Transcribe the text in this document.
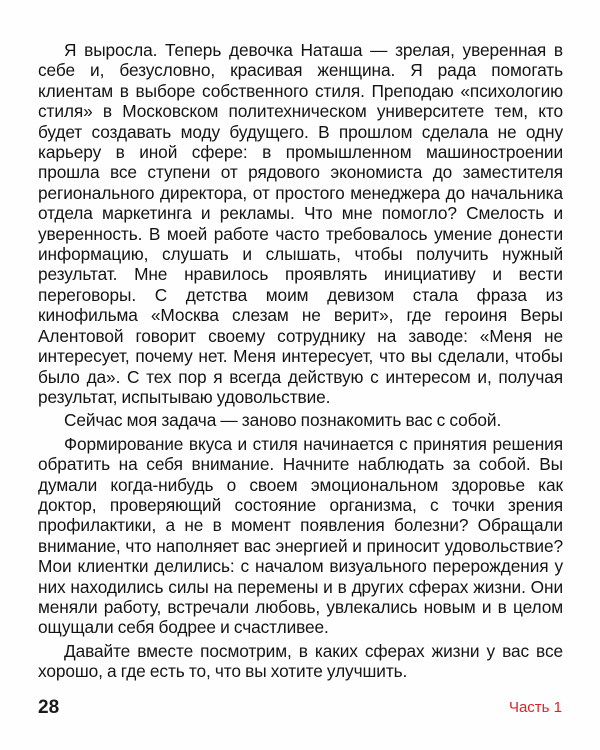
Я выросла. Теперь девочка Наташа — зрелая, уверенная в себе и, безусловно, красивая женщина. Я рада помогать клиентам в выборе собственного стиля. Преподаю «психологию стиля» в Московском политехническом университете тем, кто будет создавать моду будущего. В прошлом сделала не одну карьеру в иной сфере: в промышленном машиностроении прошла все ступени от рядового экономиста до заместителя регионального директора, от простого менеджера до начальника отдела маркетинга и рекламы. Что мне помогло? Смелость и уверенность. В моей работе часто требовалось умение донести информацию, слушать и слышать, чтобы получить нужный результат. Мне нравилось проявлять инициативу и вести переговоры. С детства моим девизом стала фраза из кинофильма «Москва слезам не верит», где героиня Веры Алентовой говорит своему сотруднику на заводе: «Меня не интересует, почему нет. Меня интересует, что вы сделали, чтобы было да». С тех пор я всегда действую с интересом и, получая результат, испытываю удовольствие.

Сейчас моя задача — заново познакомить вас с собой.

Формирование вкуса и стиля начинается с принятия решения обратить на себя внимание. Начните наблюдать за собой. Вы думали когда-нибудь о своем эмоциональном здоровье как доктор, проверяющий состояние организма, с точки зрения профилактики, а не в момент появления болезни? Обращали внимание, что наполняет вас энергией и приносит удовольствие? Мои клиентки делились: с началом визуального перерождения у них находились силы на перемены и в других сферах жизни. Они меняли работу, встречали любовь, увлекались новым и в целом ощущали себя бодрее и счастливее.

Давайте вместе посмотрим, в каких сферах жизни у вас все хорошо, а где есть то, что вы хотите улучшить.

28	Часть 1
